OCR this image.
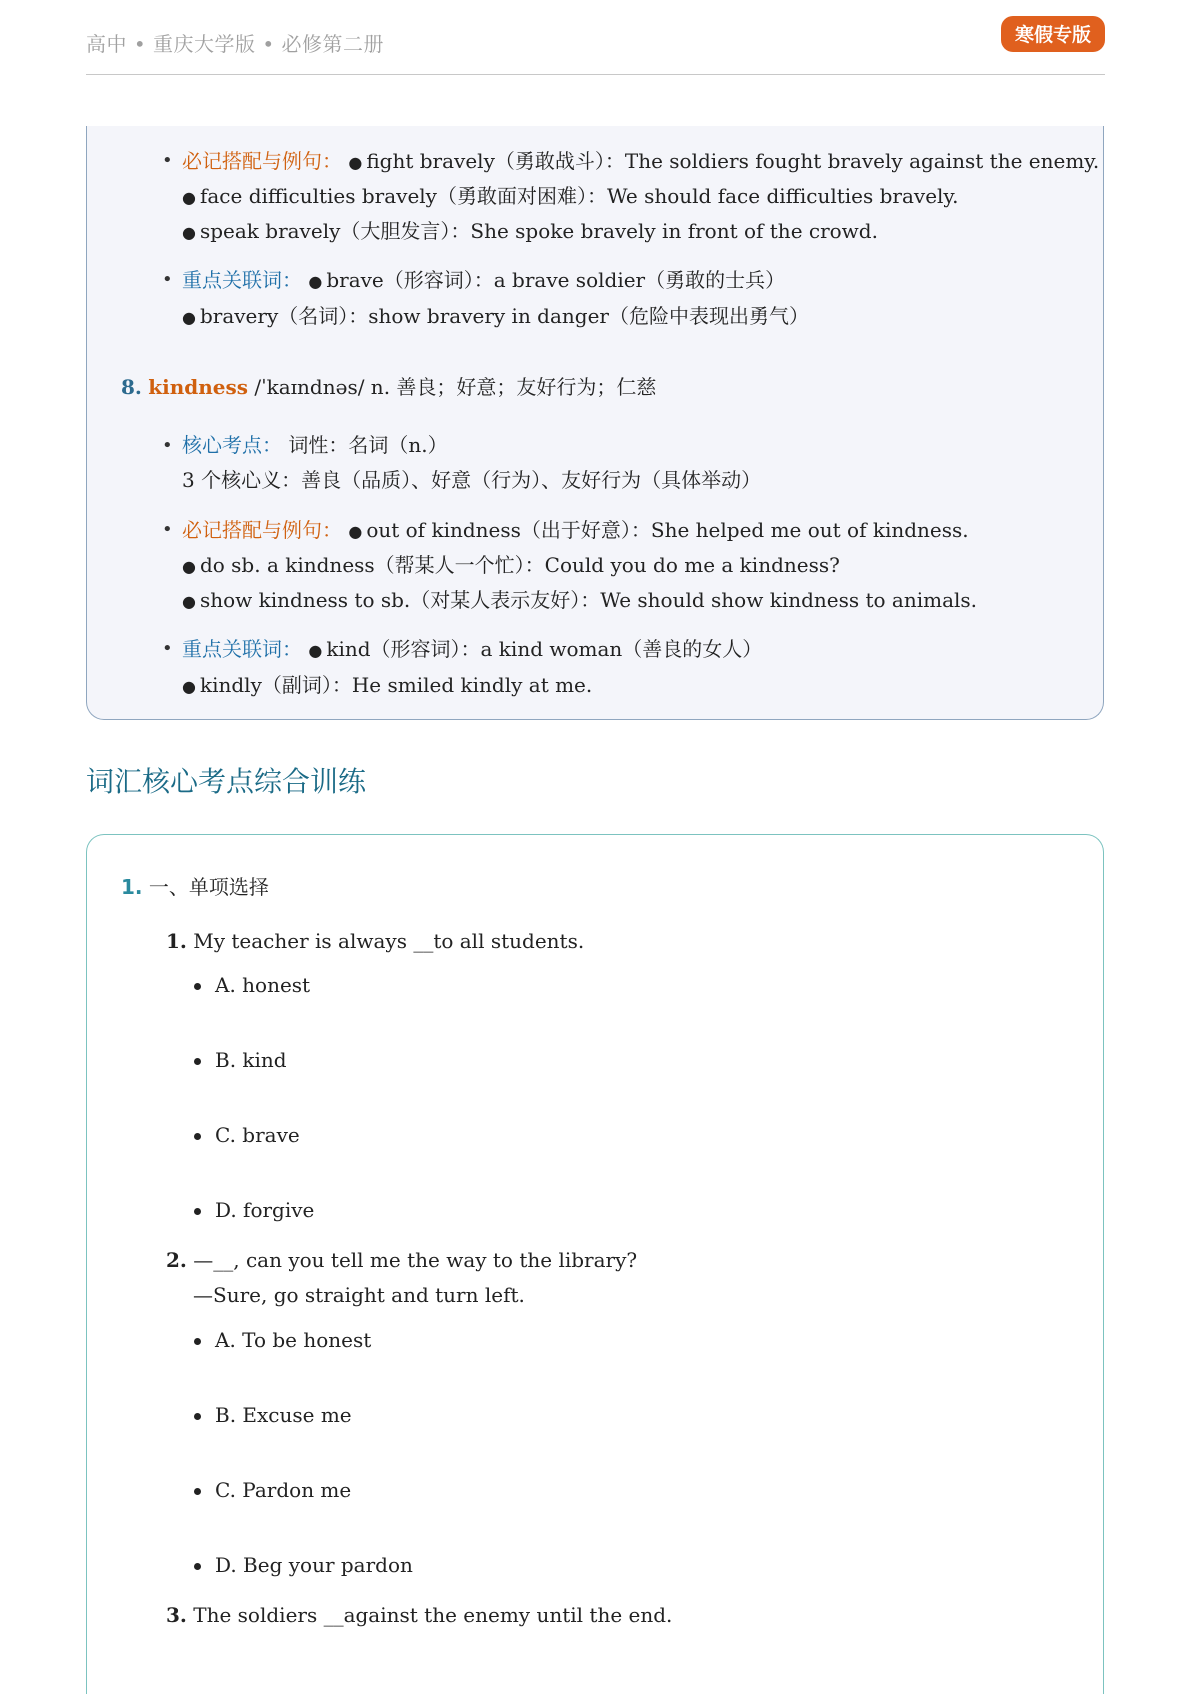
高中 • 重庆大学版 • 必修第二册	寒假专版
• 必记搭配与例句： ● fight bravely（勇敢战斗）：The soldiers fought bravely against the enemy.
● face difficulties bravely（勇敢面对困难）：We should face difficulties bravely.
● speak bravely（大胆发言）：She spoke bravely in front of the crowd.
• 重点关联词： ● brave（形容词）：a brave soldier（勇敢的士兵）
● bravery（名词）：show bravery in danger（危险中表现出勇气）
8. kindness /ˈkaɪndnəs/ n. 善良；好意；友好行为；仁慈
• 核心考点： 词性：名词（n.）
3 个核心义：善良（品质）、好意（行为）、友好行为（具体举动）
• 必记搭配与例句： ● out of kindness（出于好意）：She helped me out of kindness.
● do sb. a kindness（帮某人一个忙）：Could you do me a kindness?
● show kindness to sb.（对某人表示友好）：We should show kindness to animals.
• 重点关联词： ● kind（形容词）：a kind woman（善良的女人）
● kindly（副词）：He smiled kindly at me.
词汇核心考点综合训练
1. 一、单项选择
1. My teacher is always __to all students.
A. honest
B. kind
C. brave
D. forgive
2. —__, can you tell me the way to the library?
—Sure, go straight and turn left.
A. To be honest
B. Excuse me
C. Pardon me
D. Beg your pardon
3. The soldiers __against the enemy until the end.
